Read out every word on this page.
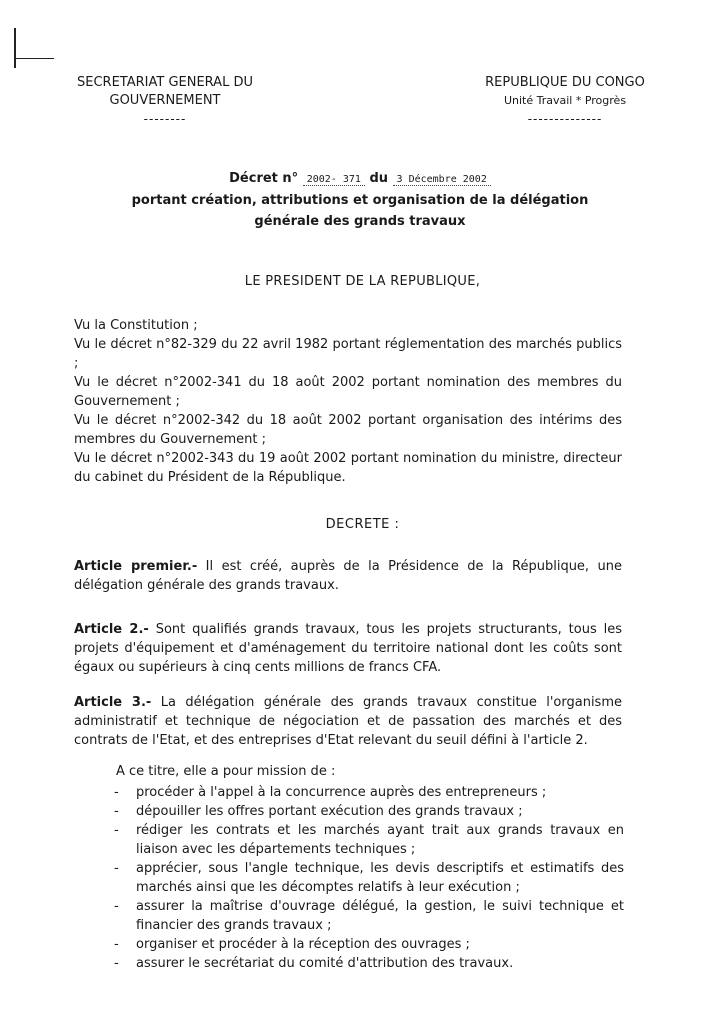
SECRETARIAT GENERAL DU
GOUVERNEMENT
--------
REPUBLIQUE DU CONGO
Unité Travail * Progrès
--------------
Décret n° 2002- 371 du 3 Décembre 2002
portant création, attributions et organisation de la délégation
générale des grands travaux
LE PRESIDENT DE LA REPUBLIQUE,

Vu la Constitution ;

Vu le décret n°82-329 du 22 avril 1982 portant réglementation des marchés publics ;

Vu le décret n°2002-341 du 18 août 2002 portant nomination des membres du Gouvernement ;

Vu le décret n°2002-342 du 18 août 2002 portant organisation des intérims des membres du Gouvernement ;

Vu le décret n°2002-343 du 19 août 2002 portant nomination du ministre, directeur du cabinet du Président de la République.

DECRETE :
Article premier.- Il est créé, auprès de la Présidence de la République, une délégation générale des grands travaux.
Article 2.- Sont qualifiés grands travaux, tous les projets structurants, tous les projets d'équipement et d'aménagement du territoire national dont les coûts sont égaux ou supérieurs à cinq cents millions de francs CFA.
Article 3.- La délégation générale des grands travaux constitue l'organisme administratif et technique de négociation et de passation des marchés et des contrats de l'Etat, et des entreprises d'Etat relevant du seuil défini à l'article 2.
A ce titre, elle a pour mission de :
- procéder à l'appel à la concurrence auprès des entrepreneurs ;
- dépouiller les offres portant exécution des grands travaux ;
- rédiger les contrats et les marchés ayant trait aux grands travaux en liaison avec les départements techniques ;
- apprécier, sous l'angle technique, les devis descriptifs et estimatifs des marchés ainsi que les décomptes relatifs à leur exécution ;
- assurer la maîtrise d'ouvrage délégué, la gestion, le suivi technique et financier des grands travaux ;
- organiser et procéder à la réception des ouvrages ;
- assurer le secrétariat du comité d'attribution des travaux.
